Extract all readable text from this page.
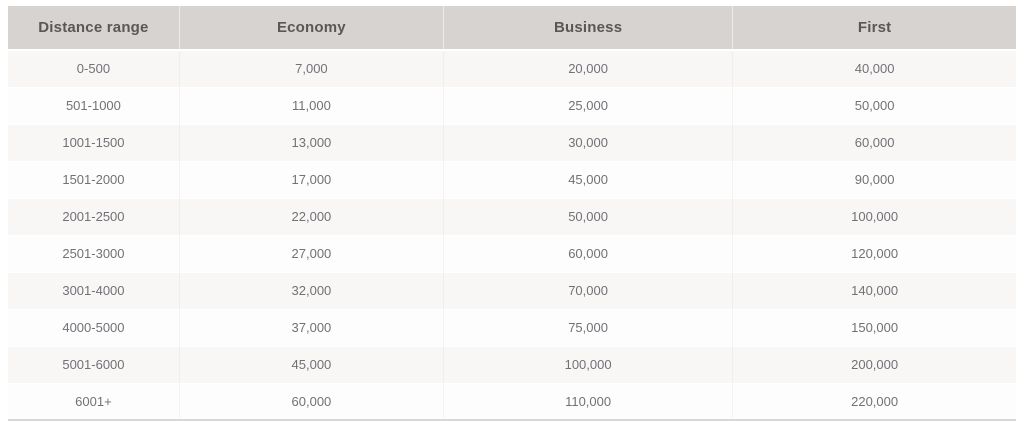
Distance range	Economy	Business	First
0-500	7,000	20,000	40,000
501-1000	11,000	25,000	50,000
1001-1500	13,000	30,000	60,000
1501-2000	17,000	45,000	90,000
2001-2500	22,000	50,000	100,000
2501-3000	27,000	60,000	120,000
3001-4000	32,000	70,000	140,000
4000-5000	37,000	75,000	150,000
5001-6000	45,000	100,000	200,000
6001+	60,000	110,000	220,000
